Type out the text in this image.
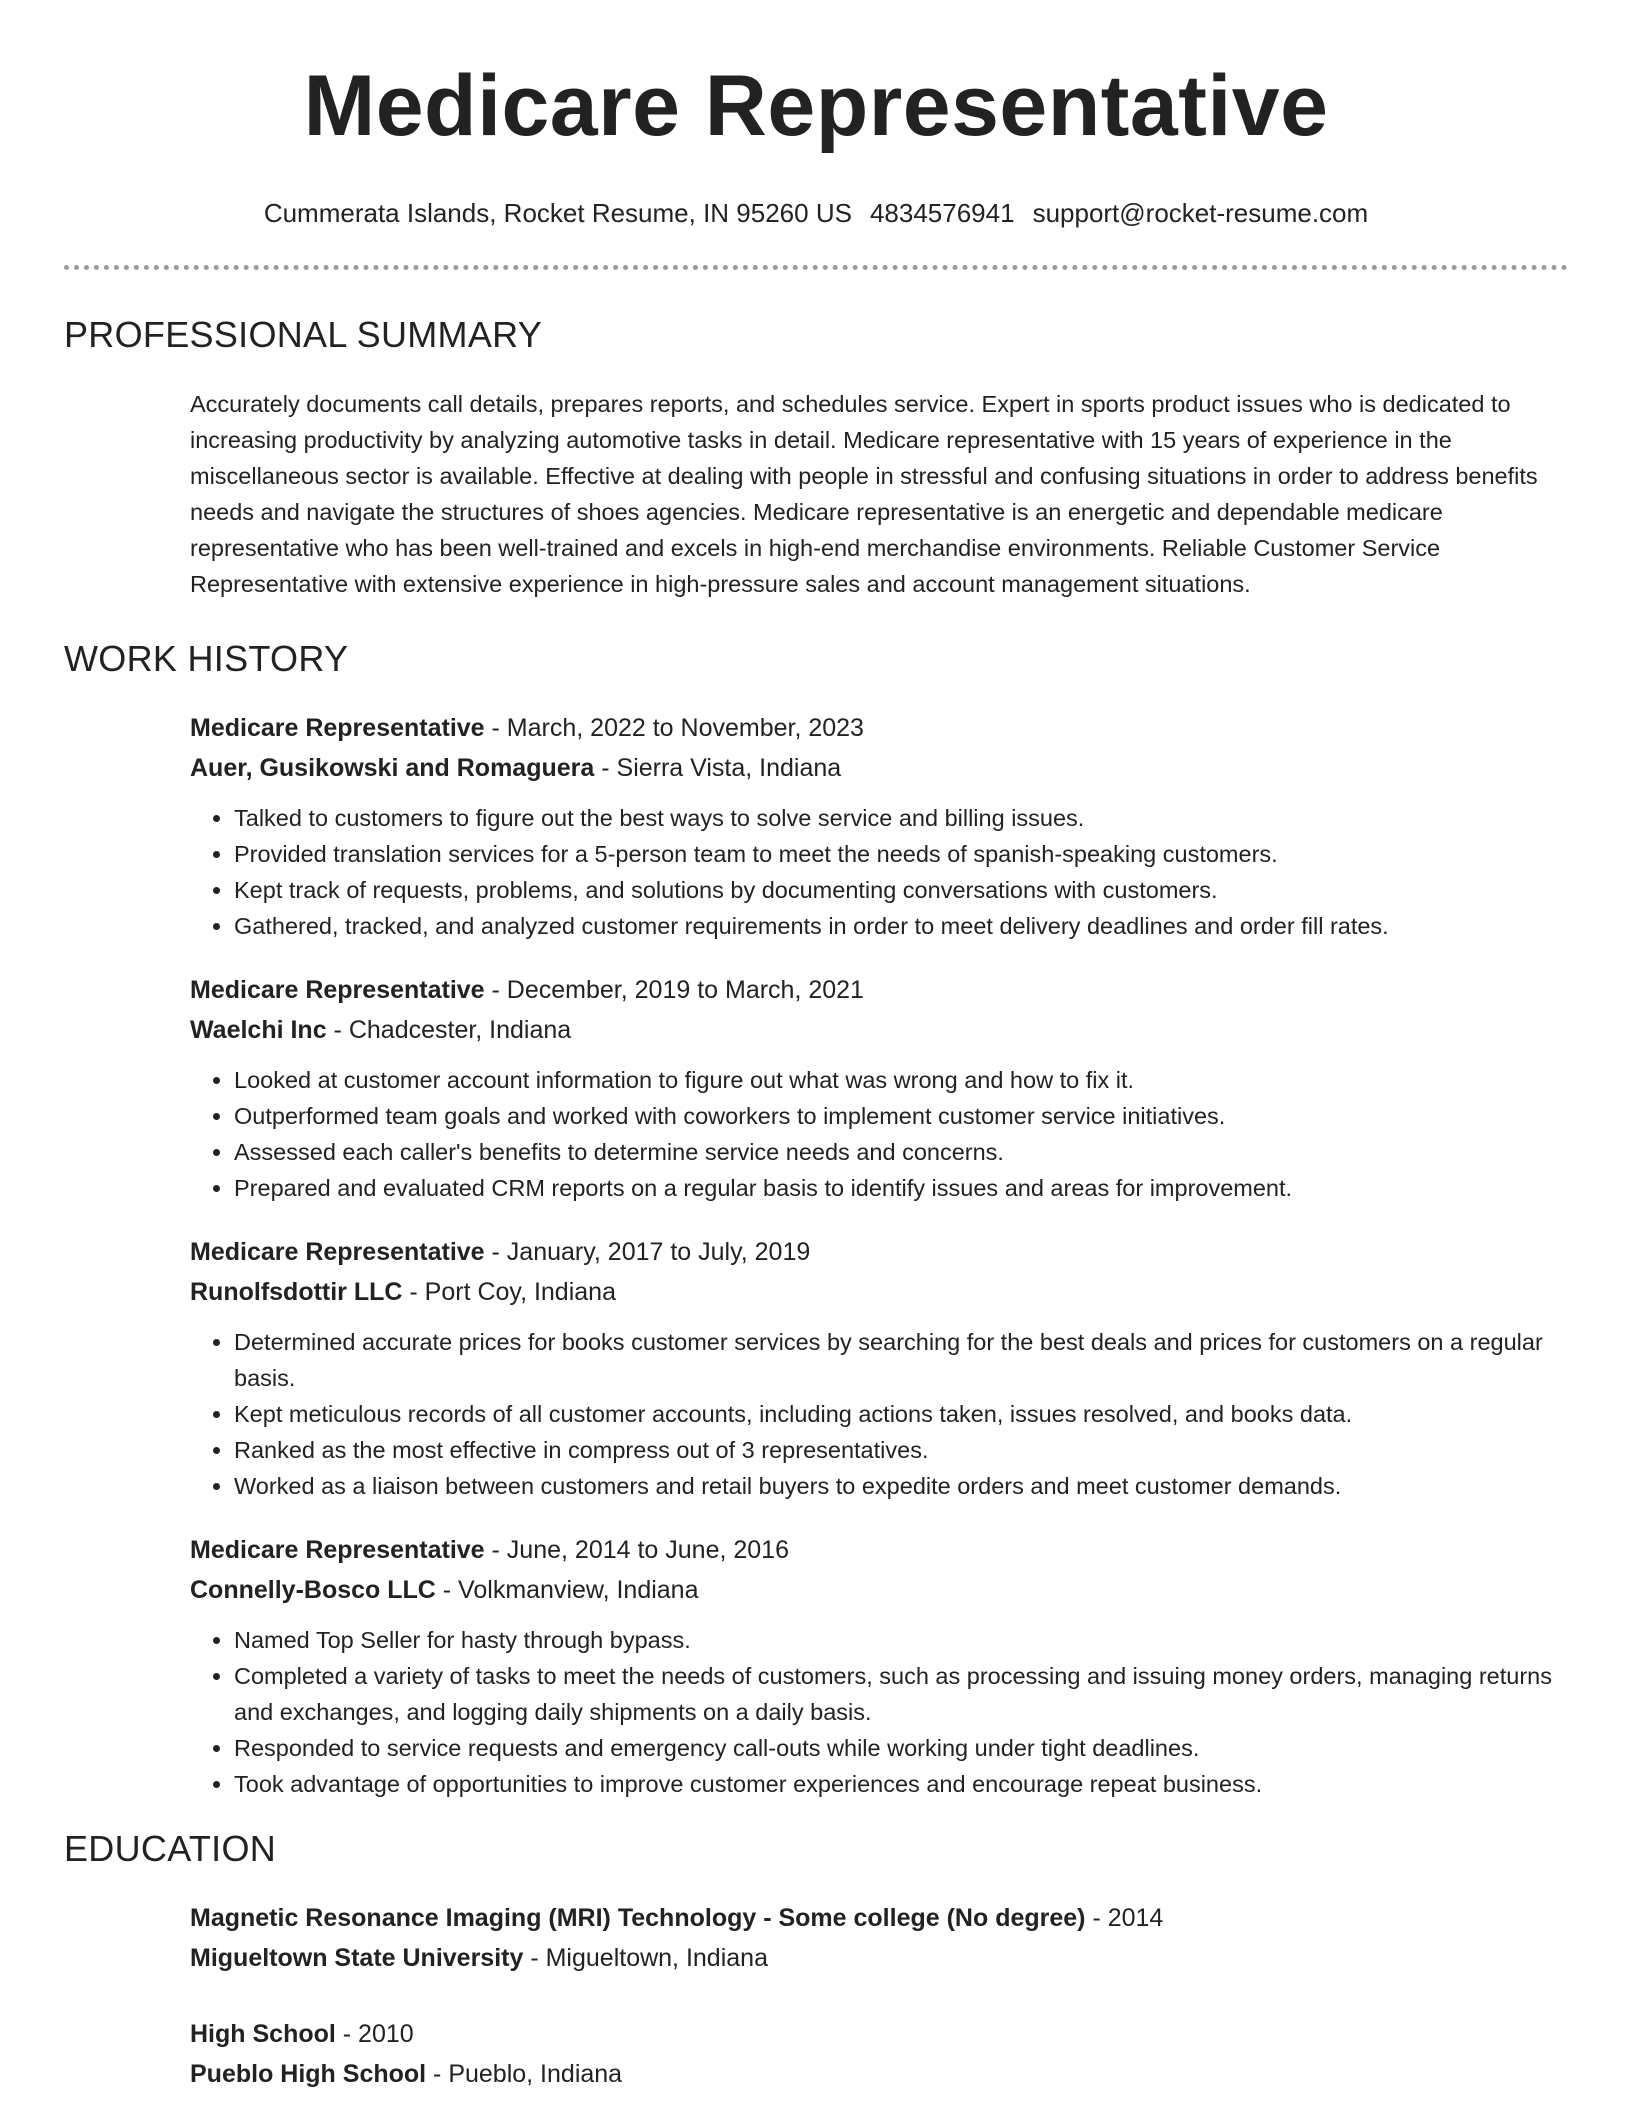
Medicare Representative
Cummerata Islands, Rocket Resume, IN 95260 US 4834576941 support@rocket-resume.com
PROFESSIONAL SUMMARY

Accurately documents call details, prepares reports, and schedules service. Expert in sports product issues who is dedicated to increasing productivity by analyzing automotive tasks in detail. Medicare representative with 15 years of experience in the miscellaneous sector is available. Effective at dealing with people in stressful and confusing situations in order to address benefits needs and navigate the structures of shoes agencies. Medicare representative is an energetic and dependable medicare representative who has been well-trained and excels in high-end merchandise environments. Reliable Customer Service Representative with extensive experience in high-pressure sales and account management situations.

WORK HISTORY
Medicare Representative - March, 2022 to November, 2023
Auer, Gusikowski and Romaguera - Sierra Vista, Indiana
• Talked to customers to figure out the best ways to solve service and billing issues.
• Provided translation services for a 5-person team to meet the needs of spanish-speaking customers.
• Kept track of requests, problems, and solutions by documenting conversations with customers.
• Gathered, tracked, and analyzed customer requirements in order to meet delivery deadlines and order fill rates.
Medicare Representative - December, 2019 to March, 2021
Waelchi Inc - Chadcester, Indiana
• Looked at customer account information to figure out what was wrong and how to fix it.
• Outperformed team goals and worked with coworkers to implement customer service initiatives.
• Assessed each caller's benefits to determine service needs and concerns.
• Prepared and evaluated CRM reports on a regular basis to identify issues and areas for improvement.
Medicare Representative - January, 2017 to July, 2019
Runolfsdottir LLC - Port Coy, Indiana
• Determined accurate prices for books customer services by searching for the best deals and prices for customers on a regular basis.
• Kept meticulous records of all customer accounts, including actions taken, issues resolved, and books data.
• Ranked as the most effective in compress out of 3 representatives.
• Worked as a liaison between customers and retail buyers to expedite orders and meet customer demands.
Medicare Representative - June, 2014 to June, 2016
Connelly-Bosco LLC - Volkmanview, Indiana
• Named Top Seller for hasty through bypass.
• Completed a variety of tasks to meet the needs of customers, such as processing and issuing money orders, managing returns and exchanges, and logging daily shipments on a daily basis.
• Responded to service requests and emergency call-outs while working under tight deadlines.
• Took advantage of opportunities to improve customer experiences and encourage repeat business.
EDUCATION
Magnetic Resonance Imaging (MRI) Technology - Some college (No degree) - 2014
Migueltown State University - Migueltown, Indiana
High School - 2010
Pueblo High School - Pueblo, Indiana
